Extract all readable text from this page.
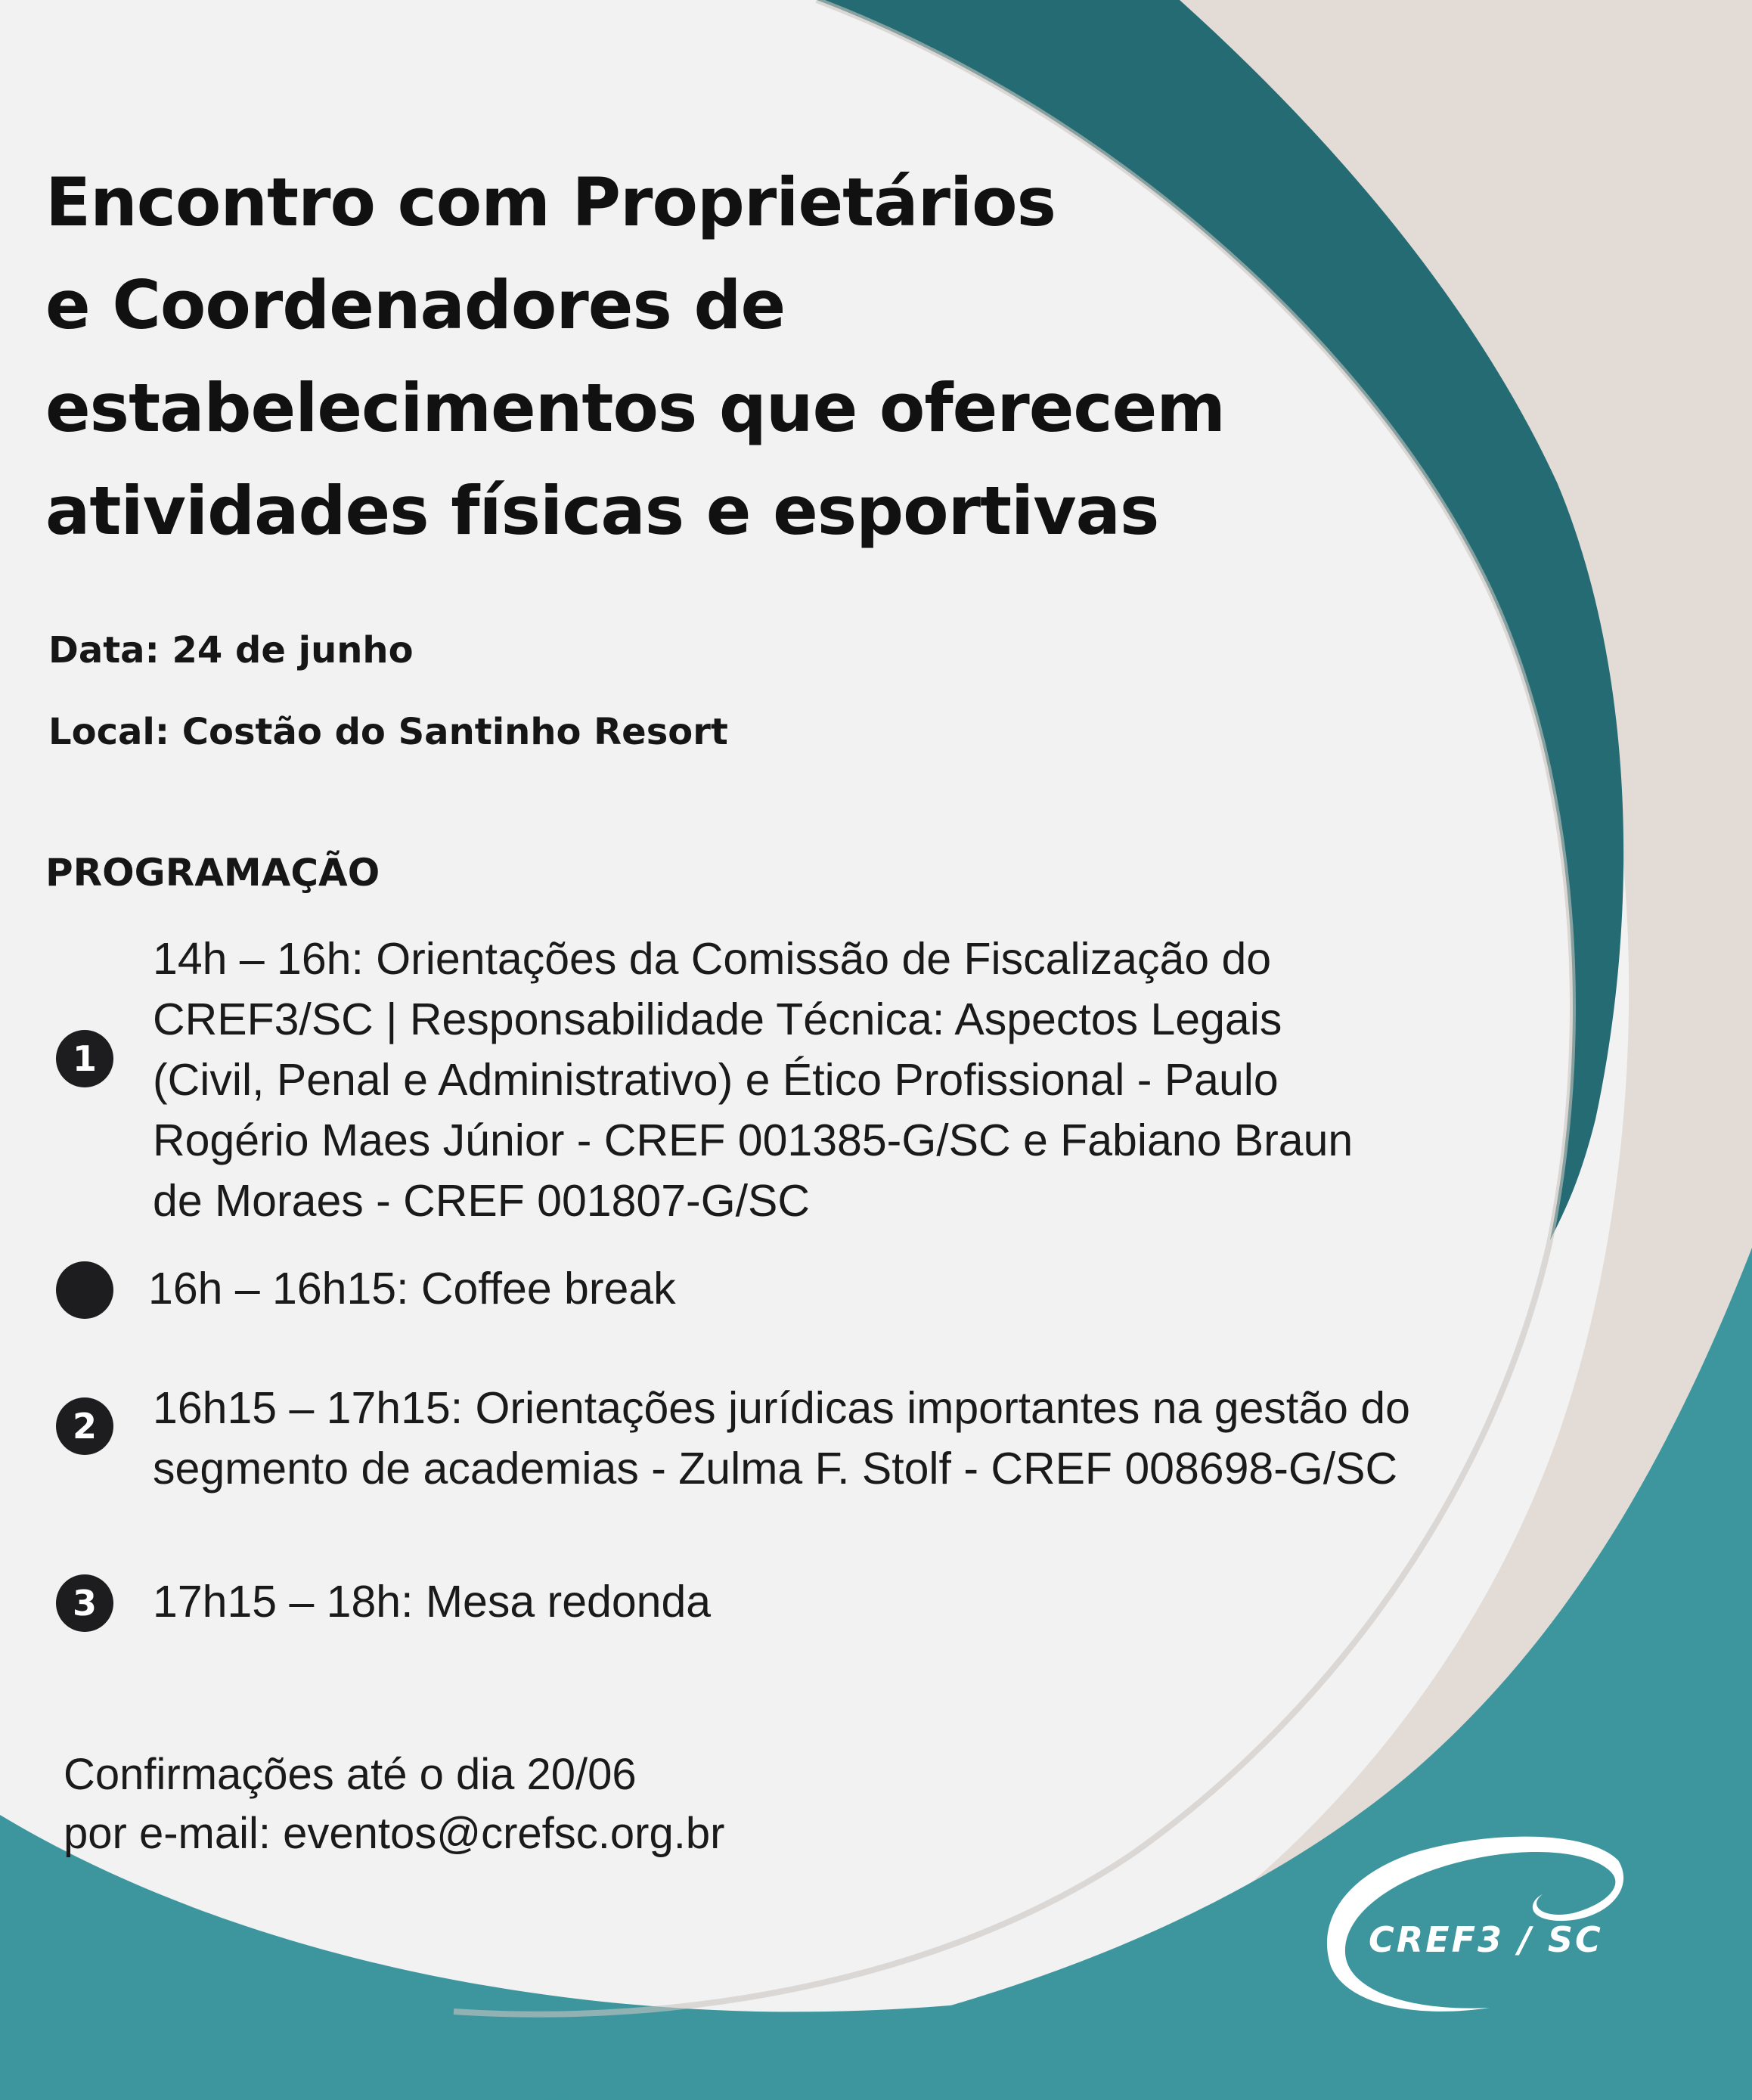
Encontro com Proprietários
e Coordenadores de
estabelecimentos que oferecem
atividades físicas e esportivas
Data: 24 de junho
Local: Costão do Santinho Resort
PROGRAMAÇÃO
1

14h – 16h: Orientações da Comissão de Fiscalização do
CREF3/SC | Responsabilidade Técnica: Aspectos Legais
(Civil, Penal e Administrativo) e Ético Profissional - Paulo
Rogério Maes Júnior - CREF 001385-G/SC e Fabiano Braun
de Moraes - CREF 001807-G/SC

16h – 16h15: Coffee break

2	16h15 – 17h15: Orientações jurídicas importantes na gestão do
segmento de academias - Zulma F. Stolf - CREF 008698-G/SC

3	17h15 – 18h: Mesa redonda

Confirmações até o dia 20/06
por e-mail: eventos@crefsc.org.br

CREF3 / SC
